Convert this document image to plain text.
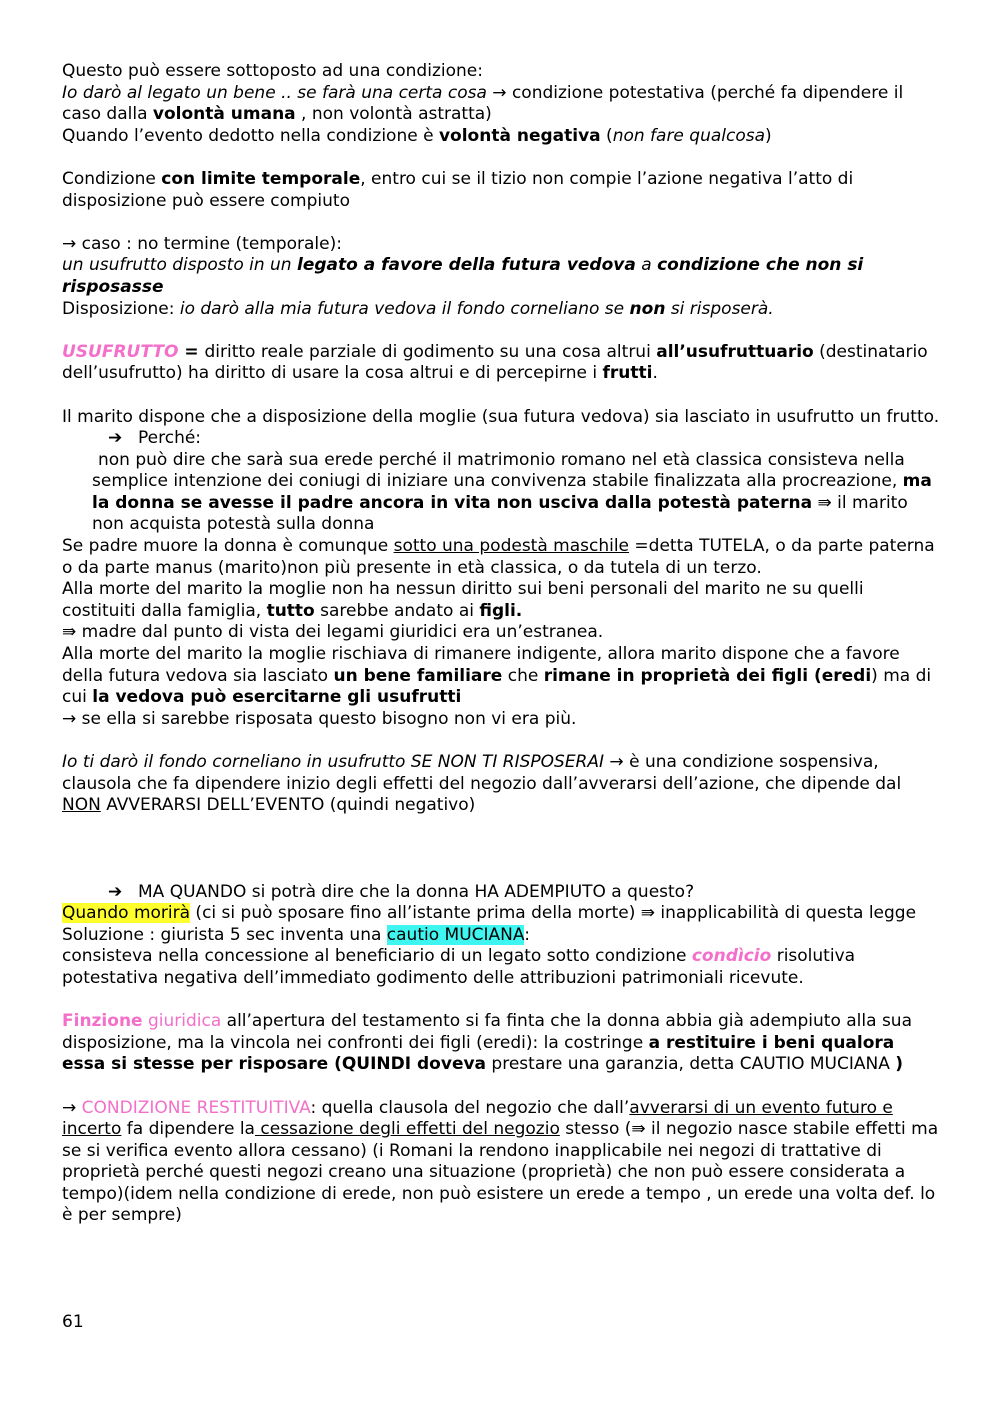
Questo può essere sottoposto ad una condizione:

Io darò al legato un bene .. se farà una certa cosa → condizione potestativa (perché fa dipendere il caso dalla volontà umana , non volontà astratta)

Quando l’evento dedotto nella condizione è volontà negativa (non fare qualcosa)

Condizione con limite temporale, entro cui se il tizio non compie l’azione negativa l’atto di disposizione può essere compiuto

→ caso : no termine (temporale):

un usufrutto disposto in un legato a favore della futura vedova a condizione che non si risposasse

Disposizione: io darò alla mia futura vedova il fondo corneliano se non si risposerà.

USUFRUTTO = diritto reale parziale di godimento su una cosa altrui all’usufruttuario (destinatario dell’usufrutto) ha diritto di usare la cosa altrui e di percepirne i frutti.

Il marito dispone che a disposizione della moglie (sua futura vedova) sia lasciato in usufrutto un frutto.

➔ Perché:

non può dire che sarà sua erede perché il matrimonio romano nel età classica consisteva nella semplice intenzione dei coniugi di iniziare una convivenza stabile finalizzata alla procreazione, ma la donna se avesse il padre ancora in vita non usciva dalla potestà paterna ⇛ il marito non acquista potestà sulla donna

Se padre muore la donna è comunque sotto una podestà maschile =detta TUTELA, o da parte paterna o da parte manus (marito)non più presente in età classica, o da tutela di un terzo.

Alla morte del marito la moglie non ha nessun diritto sui beni personali del marito ne su quelli costituiti dalla famiglia, tutto sarebbe andato ai figli.

⇛ madre dal punto di vista dei legami giuridici era un’estranea.

Alla morte del marito la moglie rischiava di rimanere indigente, allora marito dispone che a favore della futura vedova sia lasciato un bene familiare che rimane in proprietà dei figli (eredi) ma di cui la vedova può esercitarne gli usufrutti

→ se ella si sarebbe risposata questo bisogno non vi era più.

Io ti darò il fondo corneliano in usufrutto SE NON TI RISPOSERAI → è una condizione sospensiva, clausola che fa dipendere inizio degli effetti del negozio dall’avverarsi dell’azione, che dipende dal NON AVVERARSI DELL’EVENTO (quindi negativo)

➔ MA QUANDO si potrà dire che la donna HA ADEMPIUTO a questo?

Quando morirà (ci si può sposare fino all’istante prima della morte) ⇛ inapplicabilità di questa legge

Soluzione : giurista 5 sec inventa una cautio MUCIANA:

consisteva nella concessione al beneficiario di un legato sotto condizione condìcio risolutiva potestativa negativa dell’immediato godimento delle attribuzioni patrimoniali ricevute.

Finzione giuridica all’apertura del testamento si fa finta che la donna abbia già adempiuto alla sua disposizione, ma la vincola nei confronti dei figli (eredi): la costringe a restituire i beni qualora essa si stesse per risposare (QUINDI doveva prestare una garanzia, detta CAUTIO MUCIANA )

→ CONDIZIONE RESTITUITIVA: quella clausola del negozio che dall’avverarsi di un evento futuro e incerto fa dipendere la cessazione degli effetti del negozio stesso (⇛ il negozio nasce stabile effetti ma se si verifica evento allora cessano) (i Romani la rendono inapplicabile nei negozi di trattative di proprietà perché questi negozi creano una situazione (proprietà) che non può essere considerata a tempo)(idem nella condizione di erede, non può esistere un erede a tempo , un erede una volta def. lo è per sempre)

61
